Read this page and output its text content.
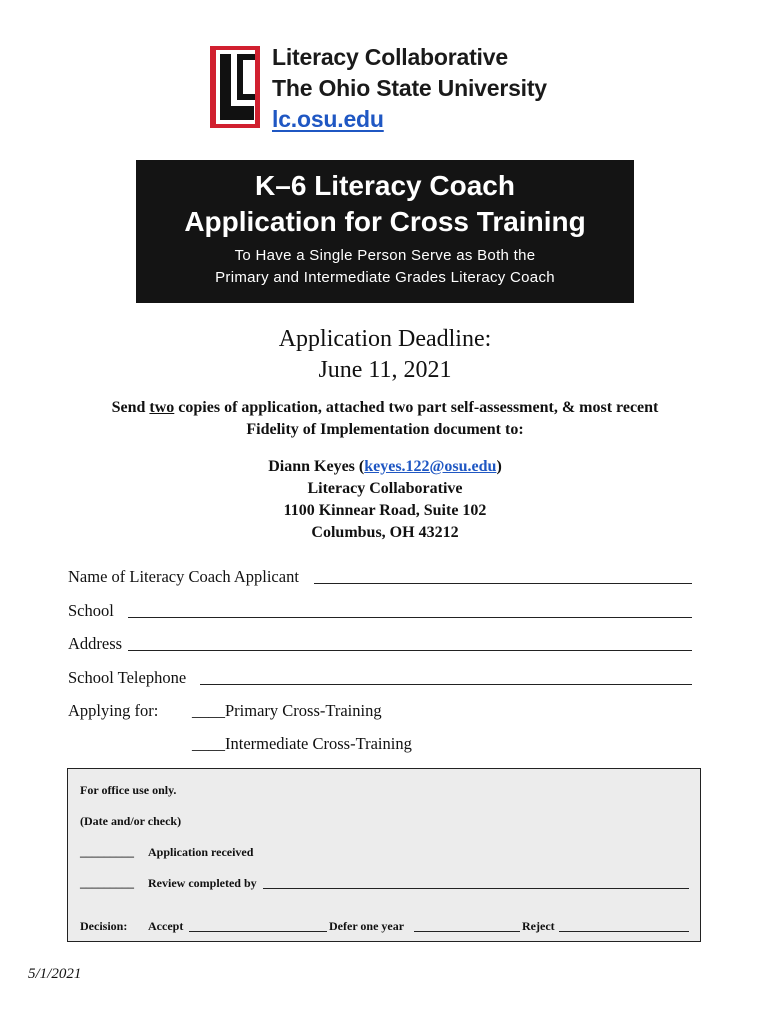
Literacy Collaborative
The Ohio State University
lc.osu.edu
K–6 Literacy Coach
Application for Cross Training
To Have a Single Person Serve as Both the
Primary and Intermediate Grades Literacy Coach
Application Deadline:
June 11, 2021
Send two copies of application, attached two part self-assessment, & most recent
Fidelity of Implementation document to:
Diann Keyes (keyes.122@osu.edu)
Literacy Collaborative
1100 Kinnear Road, Suite 102
Columbus, OH 43212
Name of Literacy Coach Applicant
School
Address
School Telephone
Applying for: ____Primary Cross-Training
____Intermediate Cross-Training
For office use only.
(Date and/or check)
_________ Application received
_________ Review completed by
Decision: Accept	Defer one year	Reject
5/1/2021
